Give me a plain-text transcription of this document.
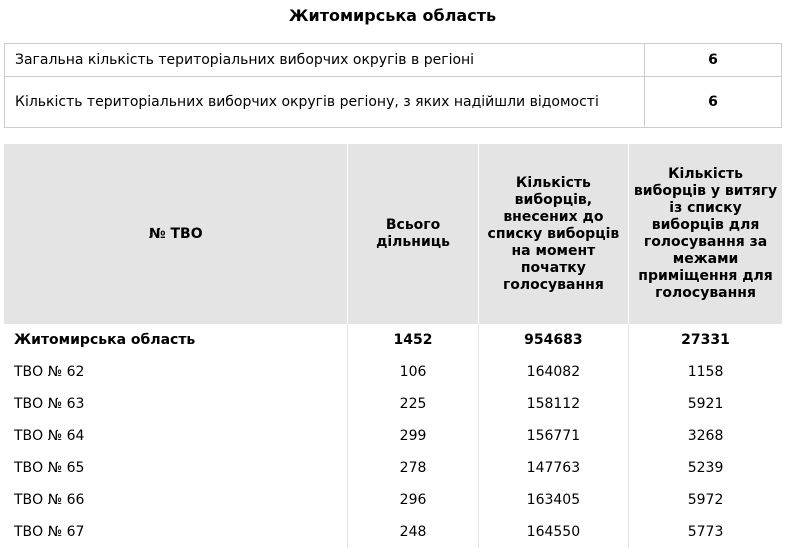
Житомирська область
Загальна кількість територіальних виборчих округів в регіоні	6
Кількість територіальних виборчих округів регіону, з яких надійшли відомості	6
№ ТВО	Всього дільниць	Кількість виборців, внесених до списку виборців на момент початку голосування	Кількість виборців у витягу із списку виборців для голосування за межами приміщення для голосування
Житомирська область	1452	954683	27331
ТВО № 62	106	164082	1158
ТВО № 63	225	158112	5921
ТВО № 64	299	156771	3268
ТВО № 65	278	147763	5239
ТВО № 66	296	163405	5972
ТВО № 67	248	164550	5773
